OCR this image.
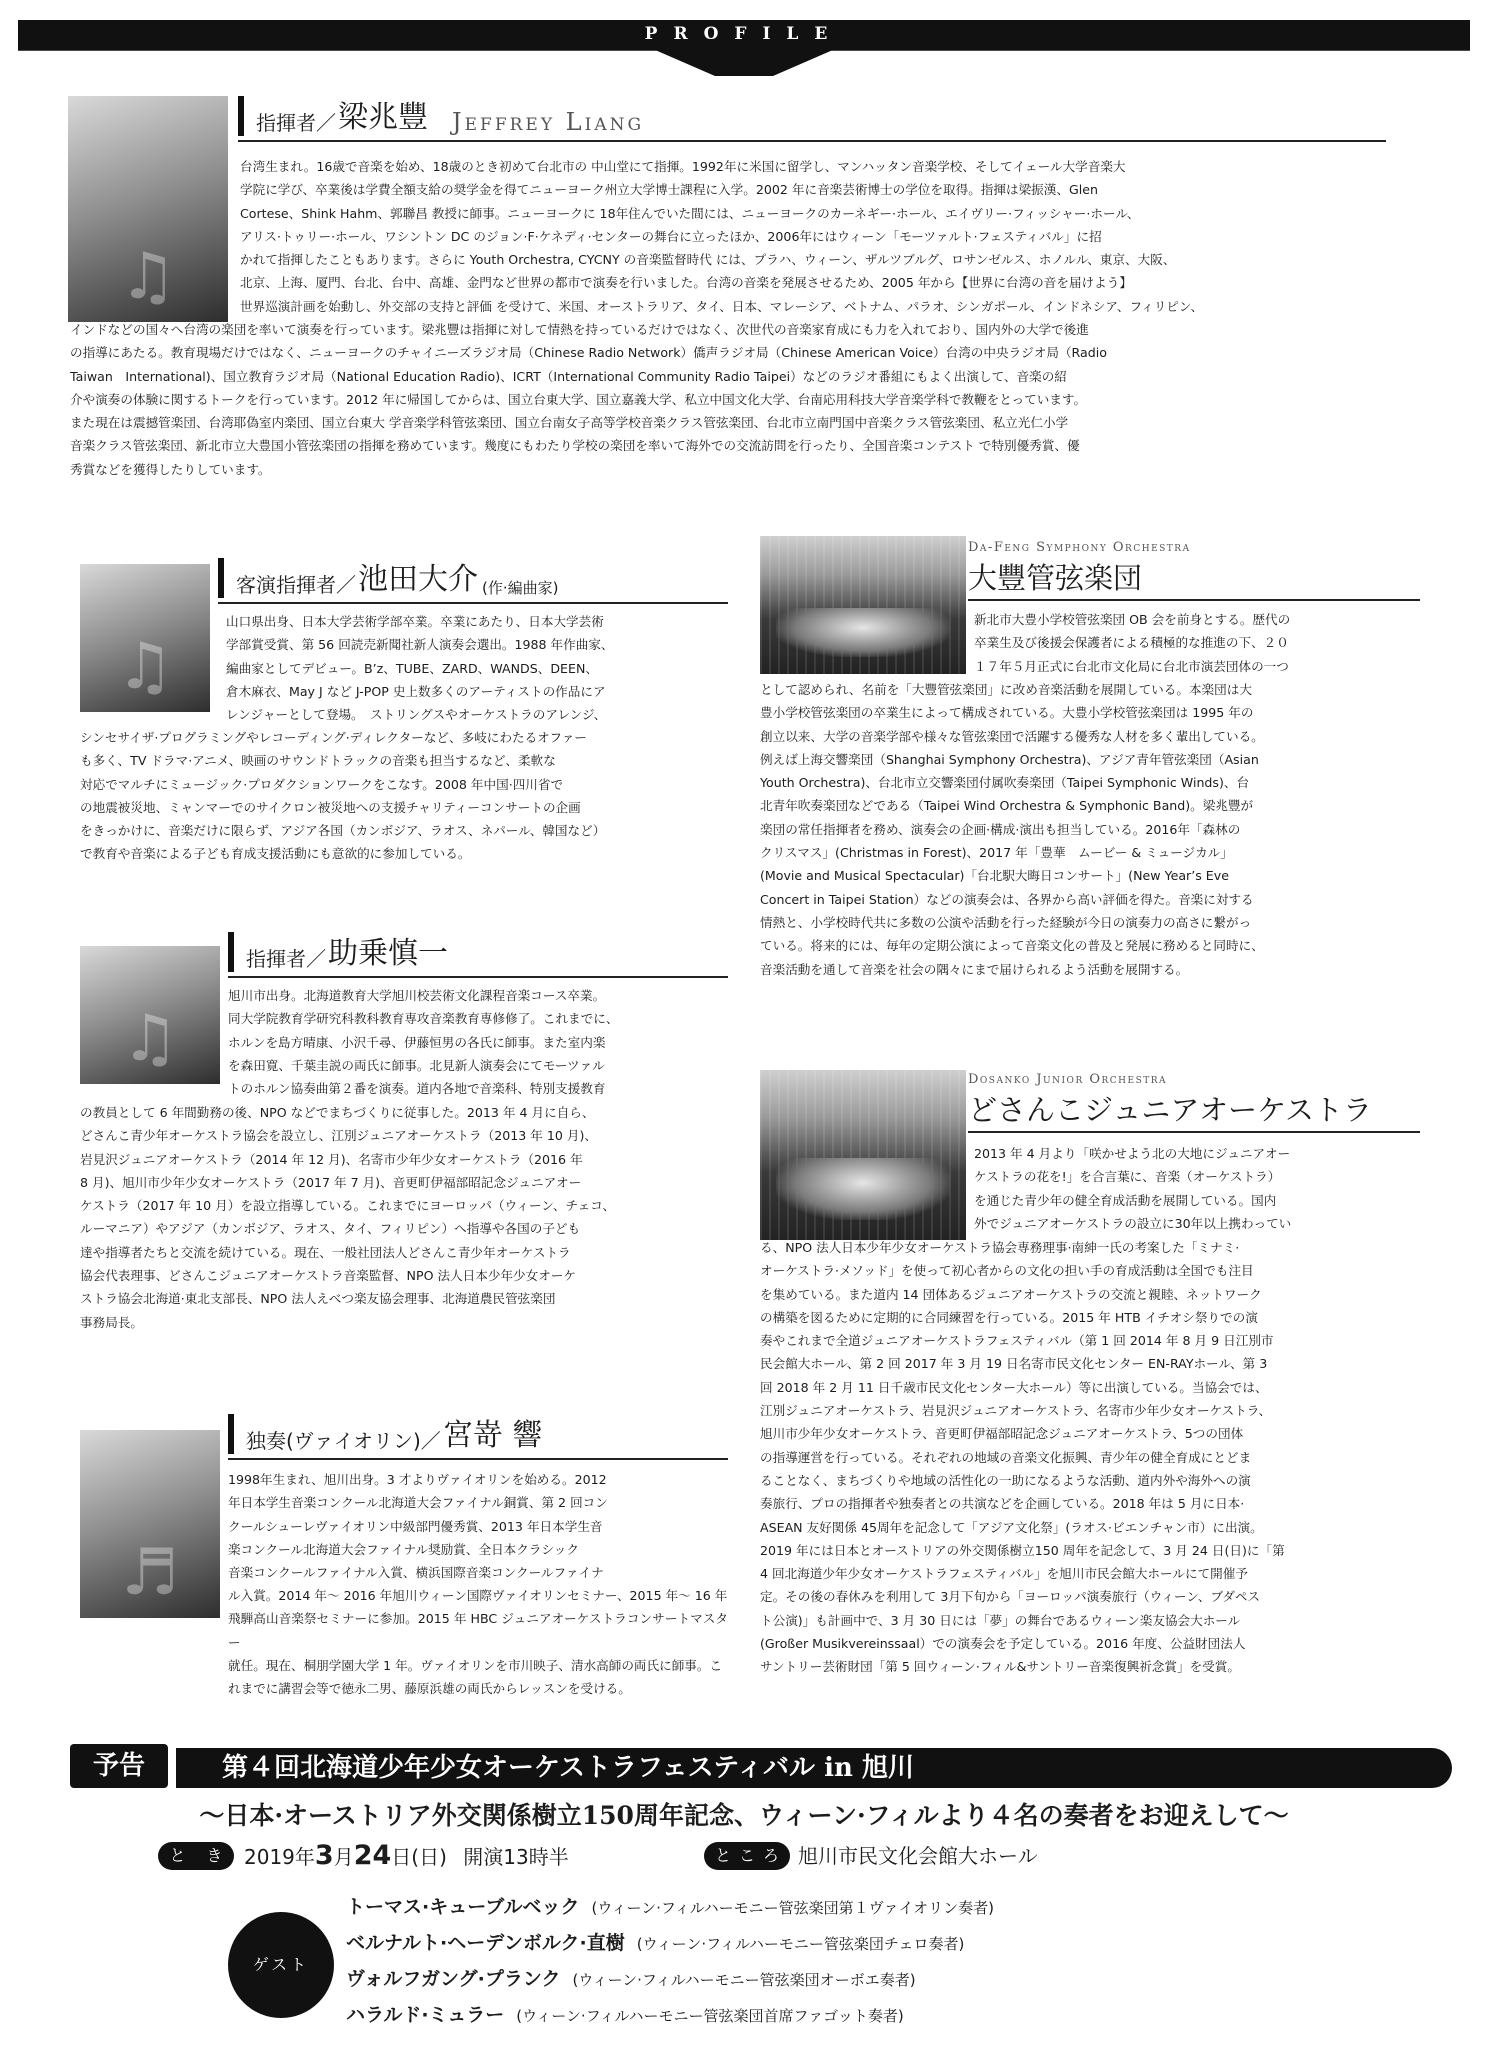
PROFILE
♫
指揮者／ 梁兆豐 Jeffrey Liang
台湾生まれ。16歳で音楽を始め、18歳のとき初めて台北市の 中山堂にて指揮。1992年に米国に留学し、マンハッタン音楽学校、そしてイェール大学音楽大
学院に学び、卒業後は学費全額支給の奨学金を得てニューヨーク州立大学博士課程に入学。2002 年に音楽芸術博士の学位を取得。指揮は梁振漢、Glen
Cortese、Shink Hahm、郭聯昌 教授に師事。ニューヨークに 18年住んでいた間には、ニューヨークのカーネギー·ホール、エイヴリー·フィッシャー·ホール、
アリス·トゥリー·ホール、ワシントン DC のジョン·F·ケネディ·センターの舞台に立ったほか、2006年にはウィーン「モーツァルト·フェスティバル」に招
かれて指揮したこともあります。さらに Youth Orchestra, CYCNY の音楽監督時代 には、プラハ、ウィーン、ザルツブルグ、ロサンゼルス、ホノルル、東京、大阪、
北京、上海、厦門、台北、台中、高雄、金門など世界の都市で演奏を行いました。台湾の音楽を発展させるため、2005 年から【世界に台湾の音を届けよう】
世界巡演計画を始動し、外交部の支持と評価 を受けて、米国、オーストラリア、タイ、日本、マレーシア、ベトナム、パラオ、シンガポール、インドネシア、フィリピン、
インドなどの国々へ台湾の楽団を率いて演奏を行っています。梁兆豐は指揮に対して情熱を持っているだけではなく、次世代の音楽家育成にも力を入れており、国内外の大学で後進
の指導にあたる。教育現場だけではなく、ニューヨークのチャイニーズラジオ局（Chinese Radio Network）僑声ラジオ局（Chinese American Voice）台湾の中央ラジオ局（Radio
Taiwan　International)、国立教育ラジオ局（National Education Radio)、ICRT（International Community Radio Taipei）などのラジオ番組にもよく出演して、音楽の紹
介や演奏の体験に関するトークを行っています。2012 年に帰国してからは、国立台東大学、国立嘉義大学、私立中国文化大学、台南応用科技大学音楽学科で教鞭をとっています。
また現在は震撼管楽団、台湾耶偽室内楽団、国立台東大 学音楽学科管弦楽団、国立台南女子高等学校音楽クラス管弦楽団、台北市立南門国中音楽クラス管弦楽団、私立光仁小学
音楽クラス管弦楽団、新北市立大豊国小管弦楽団の指揮を務めています。幾度にもわたり学校の楽団を率いて海外での交流訪問を行ったり、全国音楽コンテスト で特別優秀賞、優
秀賞などを獲得したりしています。
♫
客演指揮者／ 池田大介 (作·編曲家)
山口県出身、日本大学芸術学部卒業。卒業にあたり、日本大学芸術
学部賞受賞、第 56 回読売新聞社新人演奏会選出。1988 年作曲家、
編曲家としてデビュー。B’z、TUBE、ZARD、WANDS、DEEN、
倉木麻衣、May J など J-POP 史上数多くのアーティストの作品にア
レンジャーとして登場。　ストリングスやオーケストラのアレンジ、
シンセサイザ·プログラミングやレコーディング·ディレクターなど、多岐にわたるオファー
も多く、TV ドラマ·アニメ、映画のサウンドトラックの音楽も担当するなど、柔軟な
対応でマルチにミュージック·プロダクションワークをこなす。2008 年中国·四川省で
の地震被災地、ミャンマーでのサイクロン被災地への支援チャリティーコンサートの企画
をきっかけに、音楽だけに限らず、アジア各国（カンボジア、ラオス、ネパール、韓国など）
で教育や音楽による子ども育成支援活動にも意欲的に参加している。
♫
指揮者／ 助乗慎一
旭川市出身。北海道教育大学旭川校芸術文化課程音楽コース卒業。
同大学院教育学研究科教科教育専攻音楽教育専修修了。これまでに、
ホルンを島方晴康、小沢千尋、伊藤恒男の各氏に師事。また室内楽
を森田寛、千葉圭説の両氏に師事。北見新人演奏会にてモーツァル
トのホルン協奏曲第２番を演奏。道内各地で音楽科、特別支援教育
の教員として 6 年間勤務の後、NPO などでまちづくりに従事した。2013 年 4 月に自ら、
どさんこ青少年オーケストラ協会を設立し、江別ジュニアオーケストラ（2013 年 10 月)、
岩見沢ジュニアオーケストラ（2014 年 12 月)、名寄市少年少女オーケストラ（2016 年
8 月)、旭川市少年少女オーケストラ（2017 年 7 月)、音更町伊福部昭記念ジュニアオー
ケストラ（2017 年 10 月）を設立指導している。これまでにヨーロッパ（ウィーン、チェコ、
ルーマニア）やアジア（カンボジア、ラオス、タイ、フィリピン）へ指導や各国の子ども
達や指導者たちと交流を続けている。現在、一般社団法人どさんこ青少年オーケストラ
協会代表理事、どさんこジュニアオーケストラ音楽監督、NPO 法人日本少年少女オーケ
ストラ協会北海道·東北支部長、NPO 法人えべつ楽友協会理事、北海道農民管弦楽団
事務局長。
♬
独奏(ヴァイオリン)／ 宮嵜 響
1998年生まれ、旭川出身。3 才よりヴァイオリンを始める。2012
年日本学生音楽コンクール北海道大会ファイナル銅賞、第 2 回コン
クールシューレヴァイオリン中級部門優秀賞、2013 年日本学生音
楽コンクール北海道大会ファイナル奨励賞、全日本クラシック
音楽コンクールファイナル入賞、横浜国際音楽コンクールファイナ
ル入賞。2014 年～ 2016 年旭川ウィーン国際ヴァイオリンセミナー、2015 年～ 16 年
飛騨高山音楽祭セミナーに参加。2015 年 HBC ジュニアオーケストラコンサートマスター
就任。現在、桐朋学園大学 1 年。ヴァイオリンを市川映子、清水高師の両氏に師事。こ
れまでに講習会等で徳永二男、藤原浜雄の両氏からレッスンを受ける。
Da-Feng Symphony Orchestra
大豐管弦楽団
新北市大豊小学校管弦楽団 OB 会を前身とする。歴代の
卒業生及び後援会保護者による積極的な推進の下、２０
１７年５月正式に台北市文化局に台北市演芸団体の一つ
として認められ、名前を「大豐管弦楽団」に改め音楽活動を展開している。本楽団は大
豊小学校管弦楽団の卒業生によって構成されている。大豊小学校管弦楽団は 1995 年の
創立以来、大学の音楽学部や様々な管弦楽団で活躍する優秀な人材を多く輩出している。
例えば上海交響楽団（Shanghai Symphony Orchestra)、アジア青年管弦楽団（Asian
Youth Orchestra)、台北市立交響楽団付属吹奏楽団（Taipei Symphonic Winds)、台
北青年吹奏楽団などである（Taipei Wind Orchestra & Symphonic Band)。梁兆豐が
楽団の常任指揮者を務め、演奏会の企画·構成·演出も担当している。2016年「森林の
クリスマス」(Christmas in Forest)、2017 年「豊華　ムービー & ミュージカル」
(Movie and Musical Spectacular)「台北駅大晦日コンサート」(New Year’s Eve
Concert in Taipei Station）などの演奏会は、各界から高い評価を得た。音楽に対する
情熱と、小学校時代共に多数の公演や活動を行った経験が今日の演奏力の高さに繋がっ
ている。将来的には、毎年の定期公演によって音楽文化の普及と発展に務めると同時に、
音楽活動を通して音楽を社会の隅々にまで届けられるよう活動を展開する。
Dosanko Junior Orchestra
どさんこジュニアオーケストラ
2013 年 4 月より「咲かせよう北の大地にジュニアオー
ケストラの花を!」を合言葉に、音楽（オーケストラ）
を通じた青少年の健全育成活動を展開している。国内
外でジュニアオーケストラの設立に30年以上携わってい
る、NPO 法人日本少年少女オーケストラ協会専務理事·南紳一氏の考案した「ミナミ·
オーケストラ·メソッド」を使って初心者からの文化の担い手の育成活動は全国でも注目
を集めている。また道内 14 団体あるジュニアオーケストラの交流と親睦、ネットワーク
の構築を図るために定期的に合同練習を行っている。2015 年 HTB イチオシ祭りでの演
奏やこれまで全道ジュニアオーケストラフェスティバル（第 1 回 2014 年 8 月 9 日江別市
民会館大ホール、第 2 回 2017 年 3 月 19 日名寄市民文化センター EN-RAYホール、第 3
回 2018 年 2 月 11 日千歳市民文化センター大ホール）等に出演している。当協会では、
江別ジュニアオーケストラ、岩見沢ジュニアオーケストラ、名寄市少年少女オーケストラ、
旭川市少年少女オーケストラ、音更町伊福部昭記念ジュニアオーケストラ、5つの団体
の指導運営を行っている。それぞれの地域の音楽文化振興、青少年の健全育成にとどま
ることなく、まちづくりや地域の活性化の一助になるような活動、道内外や海外への演
奏旅行、プロの指揮者や独奏者との共演などを企画している。2018 年は 5 月に日本·
ASEAN 友好関係 45周年を記念して「アジア文化祭」(ラオス·ビエンチャン市）に出演。
2019 年には日本とオーストリアの外交関係樹立150 周年を記念して、3 月 24 日(日)に「第
4 回北海道少年少女オーケストラフェスティバル」を旭川市民会館大ホールにて開催予
定。その後の春休みを利用して 3月下旬から「ヨーロッパ演奏旅行（ウィーン、ブダペス
ト公演)」も計画中で、3 月 30 日には「夢」の舞台であるウィーン楽友協会大ホール
(Großer Musikvereinssaal）での演奏会を予定している。2016 年度、公益財団法人
サントリー芸術財団「第 5 回ウィーン·フィル&サントリー音楽復興祈念賞」を受賞。
予告	第４回北海道少年少女オーケストラフェスティバル in 旭川
〜日本·オーストリア外交関係樹立150周年記念、ウィーン·フィルより４名の奏者をお迎えして〜
と き 2019年3月24日(日) 開演13時半	ところ 旭川市民文化会館大ホール
ゲスト
トーマス·キューブルベック (ウィーン·フィルハーモニー管弦楽団第１ヴァイオリン奏者)
ベルナルト·ヘーデンボルク·直樹 (ウィーン·フィルハーモニー管弦楽団チェロ奏者)
ヴォルフガング·プランク (ウィーン·フィルハーモニー管弦楽団オーボエ奏者)
ハラルド·ミュラー (ウィーン·フィルハーモニー管弦楽団首席ファゴット奏者)
